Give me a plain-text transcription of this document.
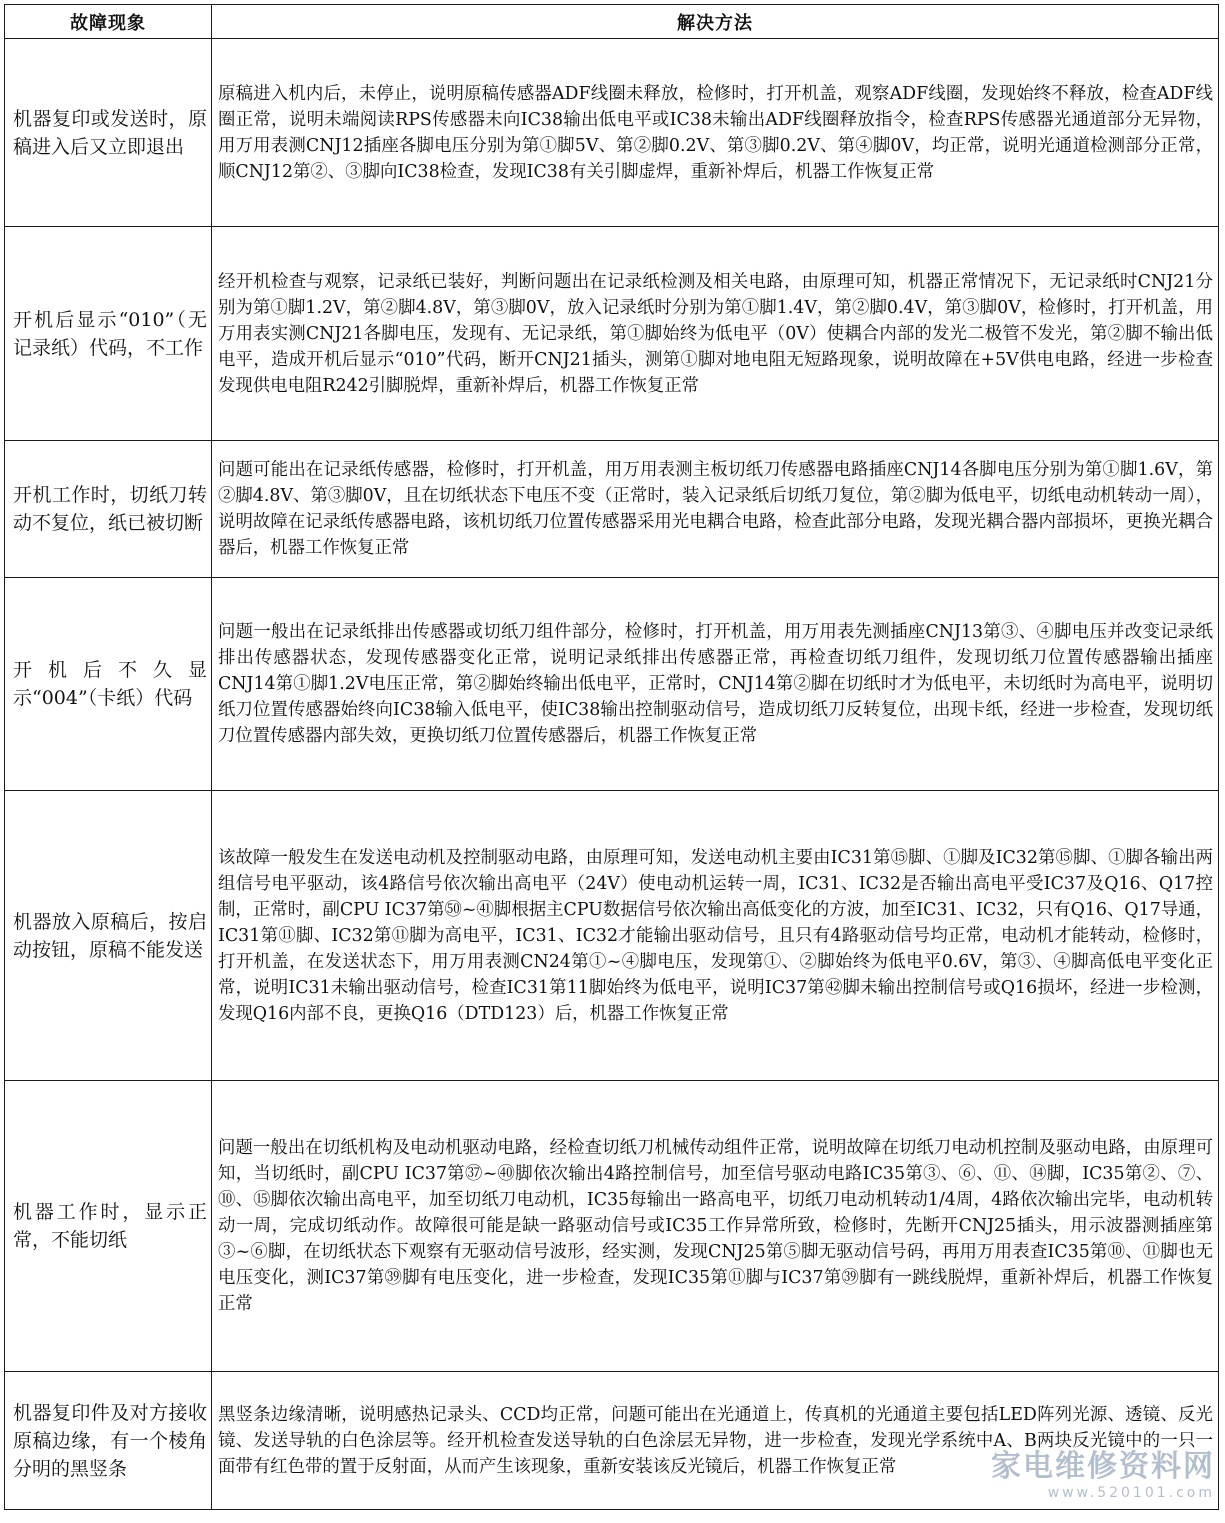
故障现象	解决方法
机器复印或发送时，原稿进入后又立即退出	原稿进入机内后，未停止，说明原稿传感器ADF线圈未释放，检修时，打开机盖，观察ADF线圈，发现始终不释放，检查ADF线圈正常，说明未端阅读RPS传感器未向IC38输出低电平或IC38未输出ADF线圈释放指令，检查RPS传感器光通道部分无异物，用万用表测CNJ12插座各脚电压分别为第①脚5V、第②脚0.2V、第③脚0.2V、第④脚0V，均正常，说明光通道检测部分正常，顺CNJ12第②、③脚向IC38检查，发现IC38有关引脚虚焊，重新补焊后，机器工作恢复正常
开机后显示“010”（无记录纸）代码，不工作	经开机检查与观察，记录纸已装好，判断问题出在记录纸检测及相关电路，由原理可知，机器正常情况下，无记录纸时CNJ21分别为第①脚1.2V，第②脚4.8V，第③脚0V，放入记录纸时分别为第①脚1.4V，第②脚0.4V，第③脚0V，检修时，打开机盖，用万用表实测CNJ21各脚电压，发现有、无记录纸，第①脚始终为低电平（0V）使耦合内部的发光二极管不发光，第②脚不输出低电平，造成开机后显示“010”代码，断开CNJ21插头，测第①脚对地电阻无短路现象，说明故障在+5V供电电路，经进一步检查发现供电电阻R242引脚脱焊，重新补焊后，机器工作恢复正常
开机工作时，切纸刀转动不复位，纸已被切断	问题可能出在记录纸传感器，检修时，打开机盖，用万用表测主板切纸刀传感器电路插座CNJ14各脚电压分别为第①脚1.6V，第②脚4.8V、第③脚0V，且在切纸状态下电压不变（正常时，装入记录纸后切纸刀复位，第②脚为低电平，切纸电动机转动一周），说明故障在记录纸传感器电路，该机切纸刀位置传感器采用光电耦合电路，检查此部分电路，发现光耦合器内部损坏，更换光耦合器后，机器工作恢复正常
开机后不久显示“004”（卡纸）代码	问题一般出在记录纸排出传感器或切纸刀组件部分，检修时，打开机盖，用万用表先测插座CNJ13第③、④脚电压并改变记录纸排出传感器状态，发现传感器变化正常，说明记录纸排出传感器正常，再检查切纸刀组件，发现切纸刀位置传感器输出插座CNJ14第①脚1.2V电压正常，第②脚始终输出低电平，正常时，CNJ14第②脚在切纸时才为低电平，未切纸时为高电平，说明切纸刀位置传感器始终向IC38输入低电平，使IC38输出控制驱动信号，造成切纸刀反转复位，出现卡纸，经进一步检查，发现切纸刀位置传感器内部失效，更换切纸刀位置传感器后，机器工作恢复正常
机器放入原稿后，按启动按钮，原稿不能发送	该故障一般发生在发送电动机及控制驱动电路，由原理可知，发送电动机主要由IC31第⑮脚、①脚及IC32第⑮脚、①脚各输出两组信号电平驱动，该4路信号依次输出高电平（24V）使电动机运转一周，IC31、IC32是否输出高电平受IC37及Q16、Q17控制，正常时，副CPU IC37第㊿~㊶脚根据主CPU数据信号依次输出高低变化的方波，加至IC31、IC32，只有Q16、Q17导通，IC31第⑪脚、IC32第⑪脚为高电平，IC31、IC32才能输出驱动信号，且只有4路驱动信号均正常，电动机才能转动，检修时，打开机盖，在发送状态下，用万用表测CN24第①~④脚电压，发现第①、②脚始终为低电平0.6V，第③、④脚高低电平变化正常，说明IC31未输出驱动信号，检查IC31第11脚始终为低电平，说明IC37第㊷脚未输出控制信号或Q16损坏，经进一步检测，发现Q16内部不良，更换Q16（DTD123）后，机器工作恢复正常
机器工作时，显示正常，不能切纸	问题一般出在切纸机构及电动机驱动电路，经检查切纸刀机械传动组件正常，说明故障在切纸刀电动机控制及驱动电路，由原理可知，当切纸时，副CPU IC37第㊲~㊵脚依次输出4路控制信号，加至信号驱动电路IC35第③、⑥、⑪、⑭脚，IC35第②、⑦、⑩、⑮脚依次输出高电平，加至切纸刀电动机，IC35每输出一路高电平，切纸刀电动机转动1/4周，4路依次输出完毕，电动机转动一周，完成切纸动作。故障很可能是缺一路驱动信号或IC35工作异常所致，检修时，先断开CNJ25插头，用示波器测插座第③~⑥脚，在切纸状态下观察有无驱动信号波形，经实测，发现CNJ25第⑤脚无驱动信号码，再用万用表查IC35第⑩、⑪脚也无电压变化，测IC37第㊴脚有电压变化，进一步检查，发现IC35第⑪脚与IC37第㊴脚有一跳线脱焊，重新补焊后，机器工作恢复正常
机器复印件及对方接收原稿边缘，有一个棱角分明的黑竖条	黑竖条边缘清晰，说明感热记录头、CCD均正常，问题可能出在光通道上，传真机的光通道主要包括LED阵列光源、透镜、反光镜、发送导轨的白色涂层等。经开机检查发送导轨的白色涂层无异物，进一步检查，发现光学系统中A、B两块反光镜中的一只一面带有红色带的置于反射面，从而产生该现象，重新安装该反光镜后，机器工作恢复正常	家电维修资料网
www.520101.com
